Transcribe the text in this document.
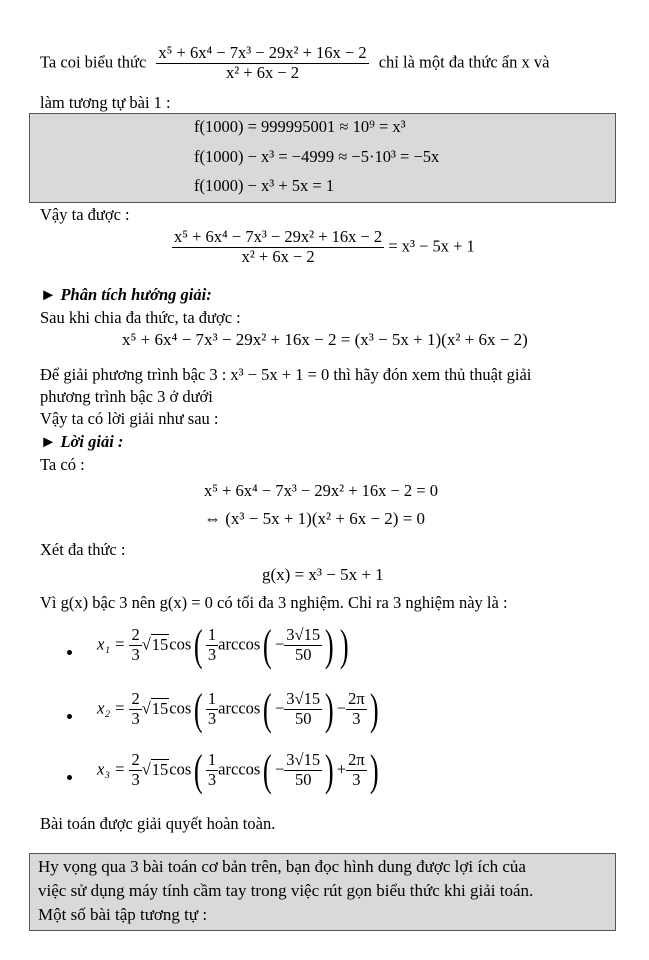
Ta coi biểu thức $\frac{\text{x⁵ + 6x⁴ − 7x³ − 29x² + 16x − 2}}{\text{x² + 6x − 2}}$ chỉ là một đa thức ẩn x và
làm tương tự bài 1 :
f(1000) = 999995001 ≈ 10⁹ = x³
f(1000) − x³ = −4999 ≈ −5·10³ = −5x
f(1000) − x³ + 5x = 1
Vậy ta được :
$\frac{\text{x⁵ + 6x⁴ − 7x³ − 29x² + 16x − 2}}{\text{x² + 6x − 2}} = x^3 - 5x + 1$
► Phân tích hướng giải:
Sau khi chia đa thức, ta được :
x⁵ + 6x⁴ − 7x³ − 29x² + 16x − 2 = (x³ − 5x + 1)(x² + 6x − 2)
Để giải phương trình bậc 3 : x³ − 5x + 1 = 0 thì hãy đón xem thủ thuật giải
phương trình bậc 3 ở dưới
Vậy ta có lời giải như sau :
► Lời giải :
Ta có :
x⁵ + 6x⁴ − 7x³ − 29x² + 16x − 2 = 0
⇔ (x³ − 5x + 1)(x² + 6x − 2) = 0
Xét đa thức :
g(x) = x³ − 5x + 1
Vì g(x) bậc 3 nên g(x) = 0 có tối đa 3 nghiệm. Chỉ ra 3 nghiệm này là :
$x_1 = \frac{2}{3} √15\cos( \frac{1}{3} \arccos( - \frac{3√15}{50}$ ) )
$x_2 = \frac{2}{3} √15\cos( \frac{1}{3} \arccos( - \frac{3√15}{50}$ ) − $\frac{2\pi}{3}$ )
$x_3 = \frac{2}{3} √15\cos( \frac{1}{3} \arccos( - \frac{3√15}{50}$ ) + $\frac{2\pi}{3}$ )
Bài toán được giải quyết hoàn toàn.
Hy vọng qua 3 bài toán cơ bản trên, bạn đọc hình dung được lợi ích của
việc sử dụng máy tính cầm tay trong việc rút gọn biểu thức khi giải toán.
Một số bài tập tương tự :
